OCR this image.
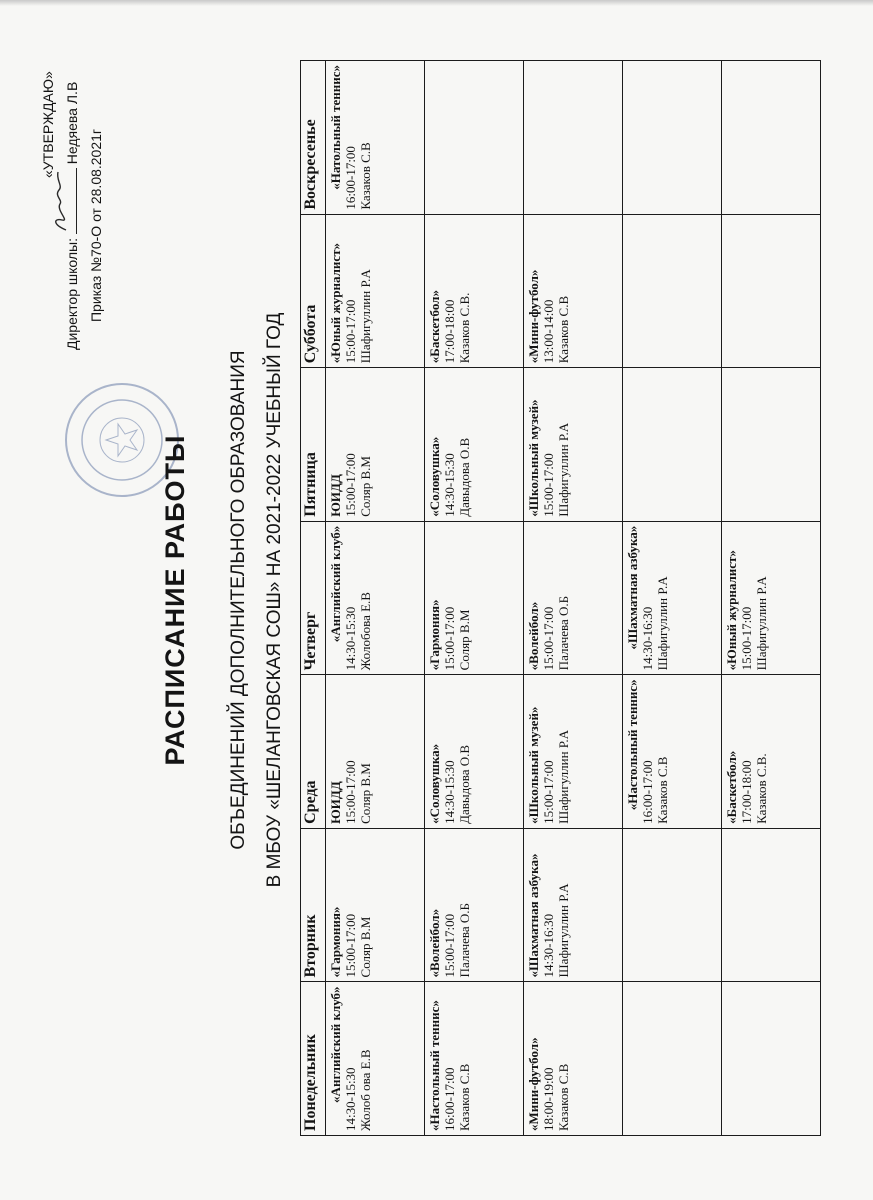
«УТВЕРЖДАЮ»
Директор школы:
Недяева Л.В
Приказ №70-О от 28.08.2021г
РАСПИСАНИЕ РАБОТЫ ОБЪЕДИНЕНИЙ ДОПОЛНИТЕЛЬНОГО ОБРАЗОВАНИЯ В МБОУ «ШЕЛАНГОВСКАЯ СОШ» НА 2021-2022 УЧЕБНЫЙ ГОД
Понедельник	Вторник	Среда	Четверг	Пятница	Суббота	Воскресенье

«Английский клуб» 14:30-15:30 Жолоб ова Е.В	«Гармония» 15:00-17:00 Соляр В.М	ЮИДД 15:00-17:00 Соляр В.М	«Английский клуб» 14:30-15:30 Жолобова Е.В	ЮИДД 15:00-17:00 Соляр В.М	«Юный журналист» 15:00-17:00 Шафигуллин Р.А	«Натольный теннис» 16:00-17:00 Казаков С.В

«Настольный теннис» 16:00-17:00 Казаков С.В	«Волейбол» 15:00-17:00 Палачева О.Б	«Соловушка» 14:30-15:30 Давыдова О.В	«Гармония» 15:00-17:00 Соляр В.М	«Соловушка» 14:30-15:30 Давыдова О.В	«Баскетбол» 17:00-18:00 Казаков С.В.	

«Мини-футбол» 18:00-19:00 Казаков С.В	«Шахматная азбука» 14:30-16:30 Шафигуллин Р.А	«Школьный музей» 15:00-17:00 Шафигуллин Р.А	«Волейбол» 15:00-17:00 Палачева О.Б	«Школьный музей» 15:00-17:00 Шафигуллин Р.А	«Мини-футбол» 13:00-14:00 Казаков С.В	

		«Настольный теннис» 16:00-17:00 Казаков С.В	«Шахматная азбука» 14:30-16:30 Шафигуллин Р.А			

		«Баскетбол» 17:00-18:00 Казаков С.В.	«Юный журналист» 15:00-17:00 Шафигуллин Р.А			
